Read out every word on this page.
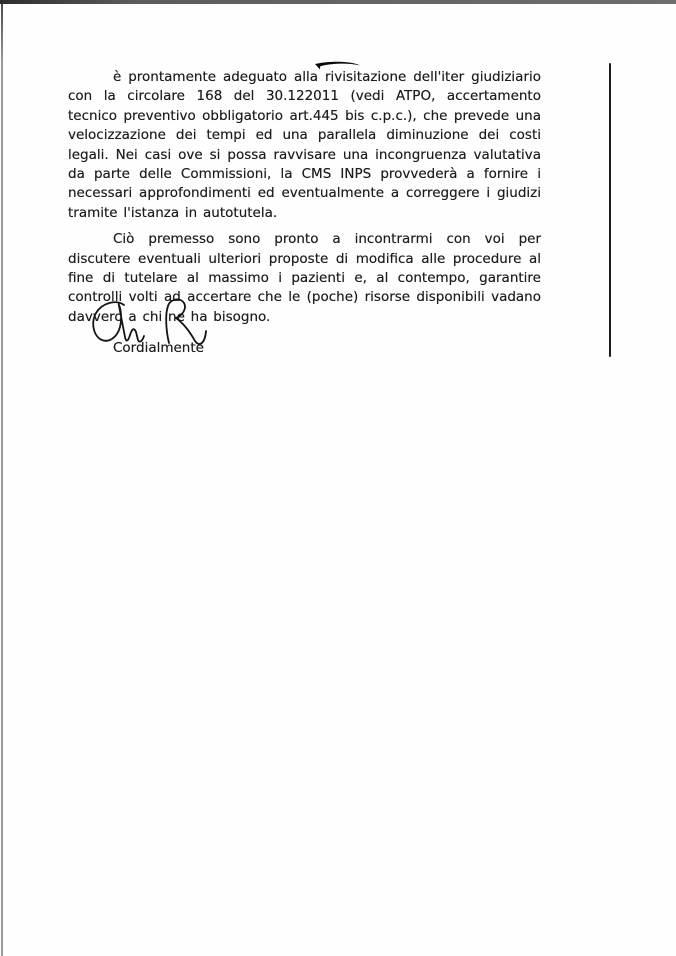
è prontamente adeguato alla rivisitazione dell'iter giudiziario con la circolare 168 del 30.122011 (vedi ATPO, accertamento tecnico preventivo obbligatorio art.445 bis c.p.c.), che prevede una velocizzazione dei tempi ed una parallela diminuzione dei costi legali. Nei casi ove si possa ravvisare una incongruenza valutativa da parte delle Commissioni, la CMS INPS provvederà a fornire i necessari approfondimenti ed eventualmente a correggere i giudizi tramite l'istanza in autotutela.

Ciò premesso sono pronto a incontrarmi con voi per discutere eventuali ulteriori proposte di modifica alle procedure al fine di tutelare al massimo i pazienti e, al contempo, garantire controlli volti ad accertare che le (poche) risorse disponibili vadano davvero a chi ne ha bisogno.

Cordialmente
